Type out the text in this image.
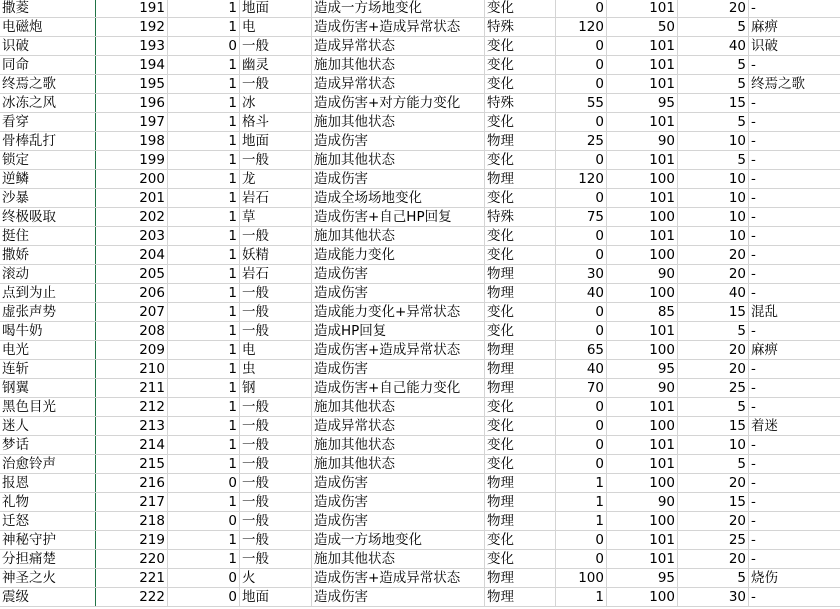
撒菱	191	1 地面	造成一方场地变化	变化	0	101	20 -
电磁炮	192	1 电	造成伤害+造成异常状态	特殊	120	50	5 麻痹
识破	193	0 一般	造成异常状态	变化	0	101	40 识破
同命	194	1 幽灵	施加其他状态	变化	0	101	5 -
终焉之歌	195	1 一般	造成异常状态	变化	0	101	5 终焉之歌
冰冻之风	196	1 冰	造成伤害+对方能力变化	特殊	55	95	15 -
看穿	197	1 格斗	施加其他状态	变化	0	101	5 -
骨棒乱打	198	1 地面	造成伤害	物理	25	90	10 -
锁定	199	1 一般	施加其他状态	变化	0	101	5 -
逆鳞	200	1 龙	造成伤害	物理	120	100	10 -
沙暴	201	1 岩石	造成全场场地变化	变化	0	101	10 -
终极吸取	202	1 草	造成伤害+自己HP回复	特殊	75	100	10 -
挺住	203	1 一般	施加其他状态	变化	0	101	10 -
撒娇	204	1 妖精	造成能力变化	变化	0	100	20 -
滚动	205	1 岩石	造成伤害	物理	30	90	20 -
点到为止	206	1 一般	造成伤害	物理	40	100	40 -
虚张声势	207	1 一般	造成能力变化+异常状态	变化	0	85	15 混乱
喝牛奶	208	1 一般	造成HP回复	变化	0	101	5 -
电光	209	1 电	造成伤害+造成异常状态	物理	65	100	20 麻痹
连斩	210	1 虫	造成伤害	物理	40	95	20 -
钢翼	211	1 钢	造成伤害+自己能力变化	物理	70	90	25 -
黑色目光	212	1 一般	施加其他状态	变化	0	101	5 -
迷人	213	1 一般	造成异常状态	变化	0	100	15 着迷
梦话	214	1 一般	施加其他状态	变化	0	101	10 -
治愈铃声	215	1 一般	施加其他状态	变化	0	101	5 -
报恩	216	0 一般	造成伤害	物理	1	100	20 -
礼物	217	1 一般	造成伤害	物理	1	90	15 -
迁怒	218	0 一般	造成伤害	物理	1	100	20 -
神秘守护	219	1 一般	造成一方场地变化	变化	0	101	25 -
分担痛楚	220	1 一般	施加其他状态	变化	0	101	20 -
神圣之火	221	0 火	造成伤害+造成异常状态	物理	100	95	5 烧伤
震级	222	0 地面	造成伤害	物理	1	100	30 -
